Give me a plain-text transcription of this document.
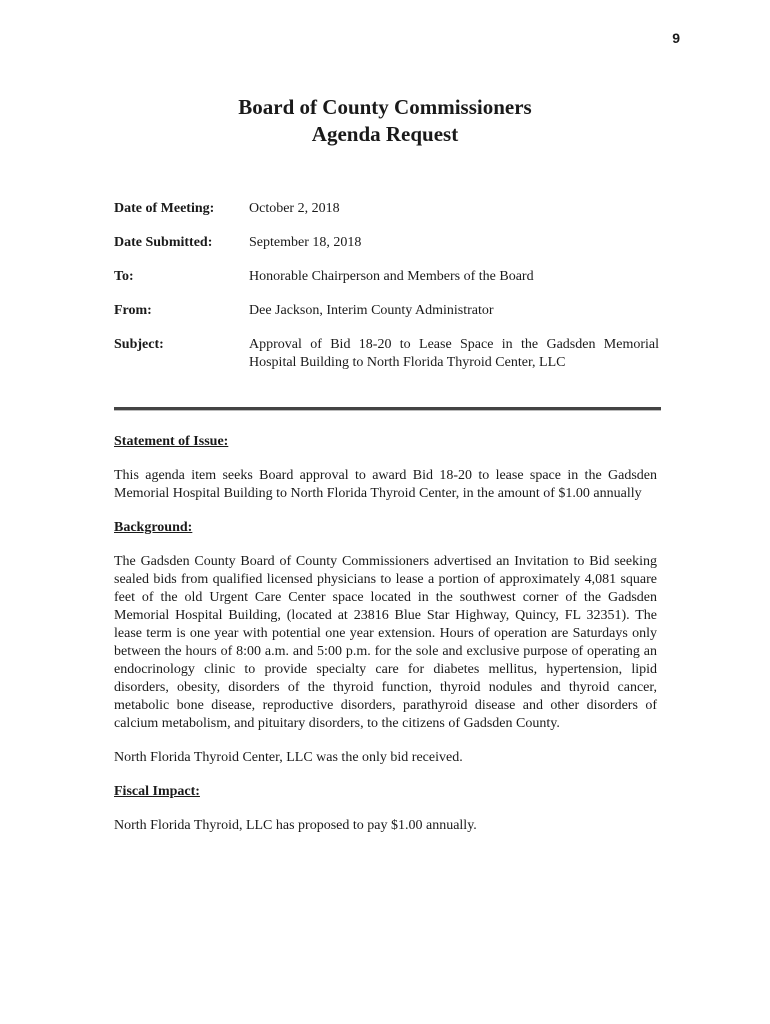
9
Board of County Commissioners
Agenda Request
Date of Meeting:	October 2, 2018
Date Submitted:	September 18, 2018
To:	Honorable Chairperson and Members of the Board
From:	Dee Jackson, Interim County Administrator
Subject:	Approval of Bid 18-20 to Lease Space in the Gadsden Memorial Hospital Building to North Florida Thyroid Center, LLC
Statement of Issue:

This agenda item seeks Board approval to award Bid 18-20 to lease space in the Gadsden Memorial Hospital Building to North Florida Thyroid Center, in the amount of $1.00 annually

Background:

The Gadsden County Board of County Commissioners advertised an Invitation to Bid seeking sealed bids from qualified licensed physicians to lease a portion of approximately 4,081 square feet of the old Urgent Care Center space located in the southwest corner of the Gadsden Memorial Hospital Building, (located at 23816 Blue Star Highway, Quincy, FL 32351). The lease term is one year with potential one year extension. Hours of operation are Saturdays only between the hours of 8:00 a.m. and 5:00 p.m. for the sole and exclusive purpose of operating an endocrinology clinic to provide specialty care for diabetes mellitus, hypertension, lipid disorders, obesity, disorders of the thyroid function, thyroid nodules and thyroid cancer, metabolic bone disease, reproductive disorders, parathyroid disease and other disorders of calcium metabolism, and pituitary disorders, to the citizens of Gadsden County.

North Florida Thyroid Center, LLC was the only bid received.

Fiscal Impact:

North Florida Thyroid, LLC has proposed to pay $1.00 annually.
